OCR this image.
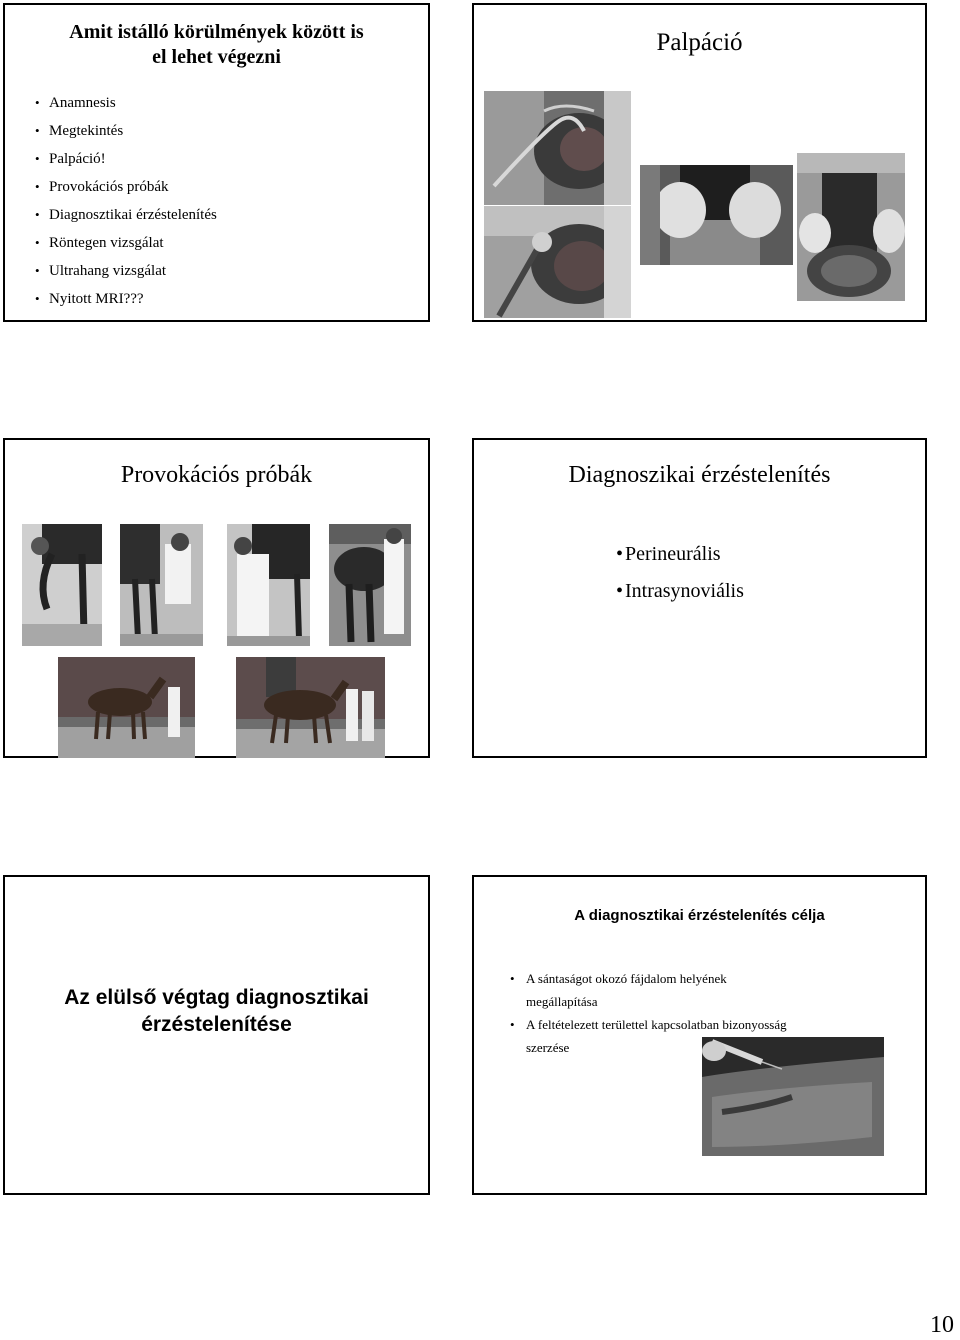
Amit istálló körülmények között is
el lehet végezni
• Anamnesis
• Megtekintés
• Palpáció!
• Provokációs próbák
• Diagnosztikai érzéstelenítés
• Röntegen vizsgálat
• Ultrahang vizsgálat
• Nyitott MRI???
Palpáció
Provokációs próbák	Diagnoszikai érzéstelenítés
• Perineurális
• Intrasynoviális
Az elülső végtag diagnosztikai
érzéstelenítése
A diagnosztikai érzéstelenítés célja
• A sántaságot okozó fájdalom helyének megállapítása
• A feltételezett területtel kapcsolatban bizonyosság szerzése
10
